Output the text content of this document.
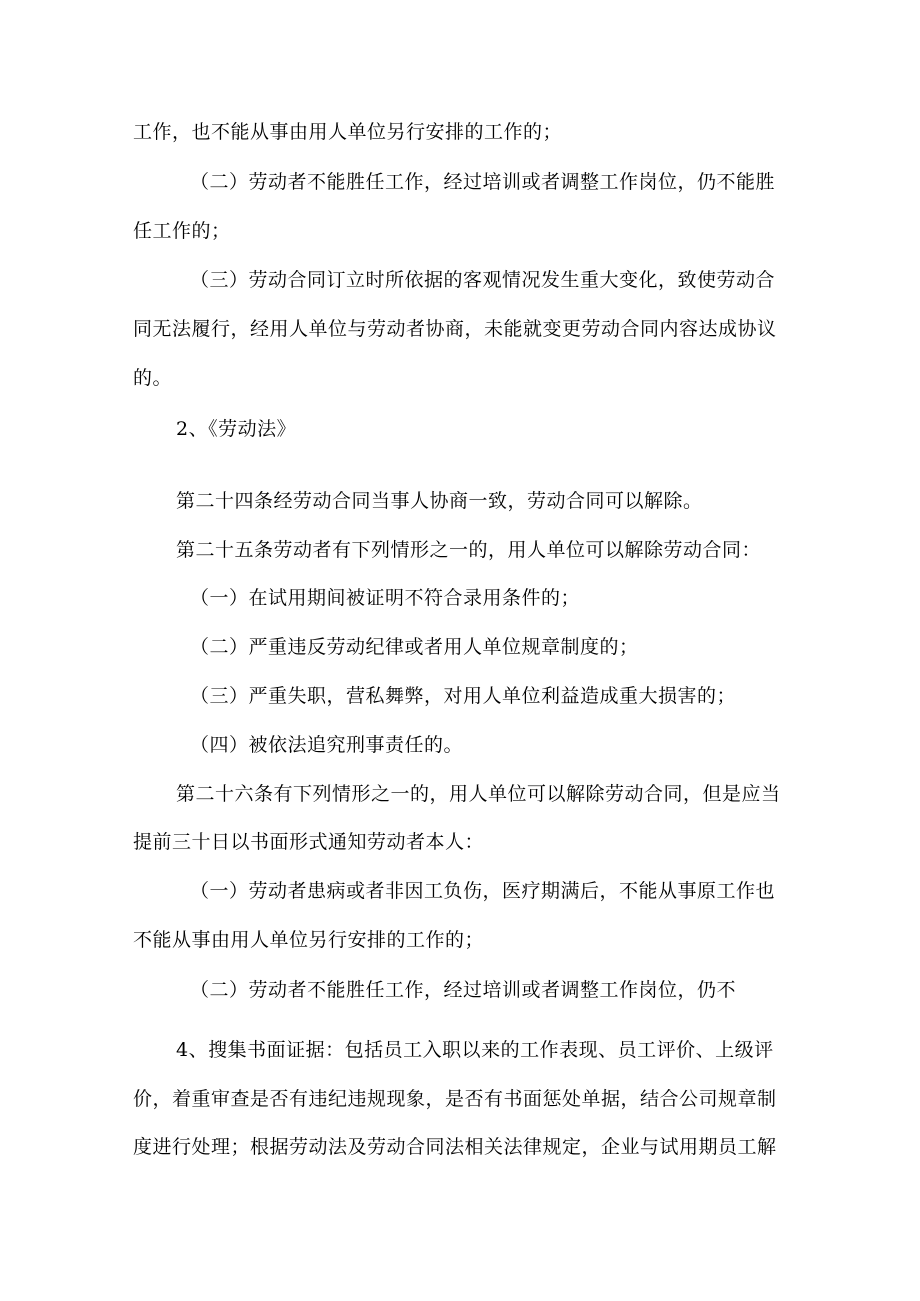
工作，也不能从事由用人单位另行安排的工作的；
（二）劳动者不能胜任工作，经过培训或者调整工作岗位，仍不能胜
任工作的；
（三）劳动合同订立时所依据的客观情况发生重大变化，致使劳动合
同无法履行，经用人单位与劳动者协商，未能就变更劳动合同内容达成协议
的。
2、《劳动法》
第二十四条经劳动合同当事人协商一致，劳动合同可以解除。
第二十五条劳动者有下列情形之一的，用人单位可以解除劳动合同：
（一）在试用期间被证明不符合录用条件的；
（二）严重违反劳动纪律或者用人单位规章制度的；
（三）严重失职，营私舞弊，对用人单位利益造成重大损害的；
（四）被依法追究刑事责任的。
第二十六条有下列情形之一的，用人单位可以解除劳动合同，但是应当
提前三十日以书面形式通知劳动者本人：
（一）劳动者患病或者非因工负伤，医疗期满后，不能从事原工作也
不能从事由用人单位另行安排的工作的；
（二）劳动者不能胜任工作，经过培训或者调整工作岗位，仍不
4、搜集书面证据：包括员工入职以来的工作表现、员工评价、上级评
价，着重审查是否有违纪违规现象，是否有书面惩处单据，结合公司规章制
度进行处理；根据劳动法及劳动合同法相关法律规定，企业与试用期员工解
